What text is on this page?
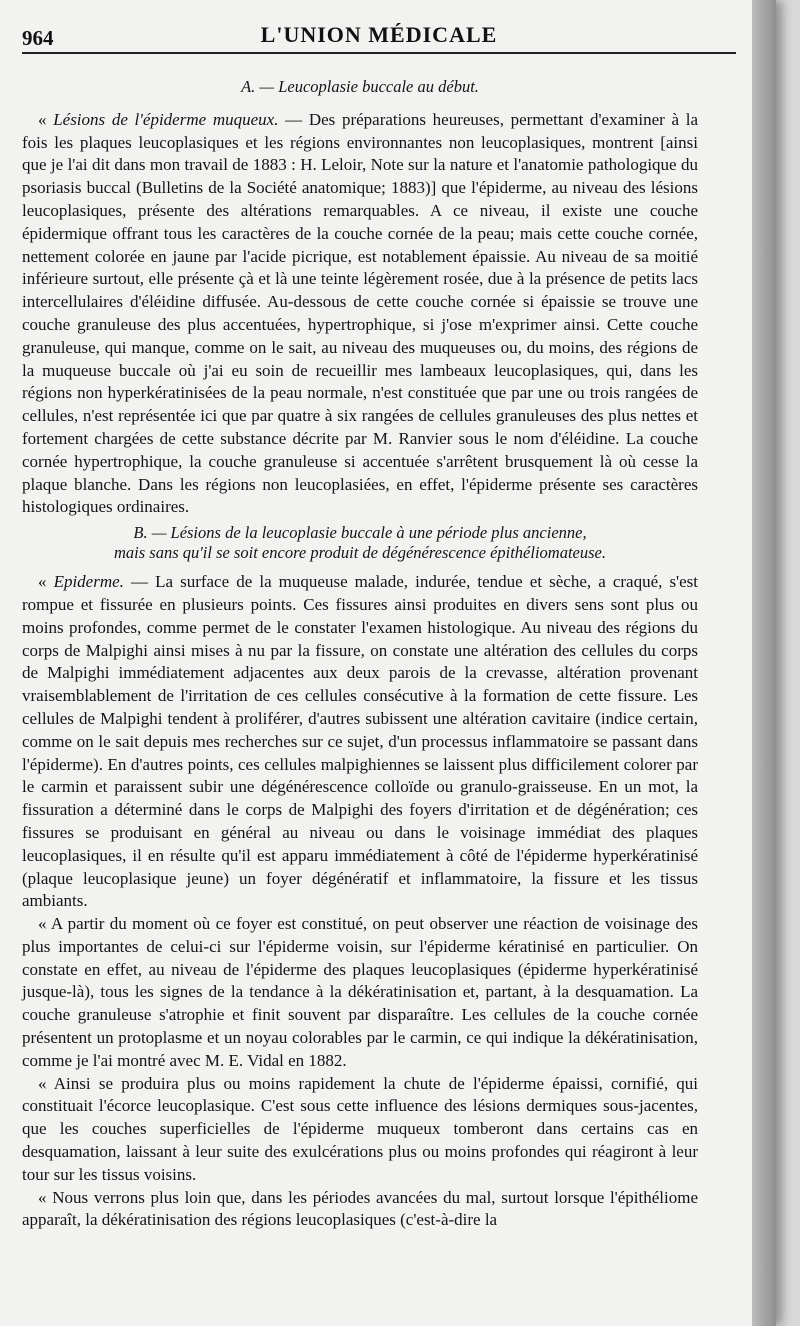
964	L'UNION MÉDICALE
A. — Leucoplasie buccale au début.

« Lésions de l'épiderme muqueux. — Des préparations heureuses, permettant d'examiner à la fois les plaques leucoplasiques et les régions environnantes non leucoplasiques, montrent [ainsi que je l'ai dit dans mon travail de 1883 : H. Leloir, Note sur la nature et l'anatomie pathologique du psoriasis buccal (Bulletins de la Société anatomique; 1883)] que l'épiderme, au niveau des lésions leucoplasiques, présente des altérations remarquables. A ce niveau, il existe une couche épidermique offrant tous les caractères de la couche cornée de la peau; mais cette couche cornée, nettement colorée en jaune par l'acide picrique, est notablement épaissie. Au niveau de sa moitié inférieure surtout, elle présente çà et là une teinte légèrement rosée, due à la présence de petits lacs intercellulaires d'éléidine diffusée. Au-dessous de cette couche cornée si épaissie se trouve une couche granuleuse des plus accentuées, hypertrophique, si j'ose m'exprimer ainsi. Cette couche granuleuse, qui manque, comme on le sait, au niveau des muqueuses ou, du moins, des régions de la muqueuse buccale où j'ai eu soin de recueillir mes lambeaux leucoplasiques, qui, dans les régions non hyperkératinisées de la peau normale, n'est constituée que par une ou trois rangées de cellules, n'est représentée ici que par quatre à six rangées de cellules granuleuses des plus nettes et fortement chargées de cette substance décrite par M. Ranvier sous le nom d'éléidine. La couche cornée hypertrophique, la couche granuleuse si accentuée s'arrêtent brusquement là où cesse la plaque blanche. Dans les régions non leucoplasiées, en effet, l'épiderme présente ses caractères histologiques ordinaires.

B. — Lésions de la leucoplasie buccale à une période plus ancienne,
mais sans qu'il se soit encore produit de dégénérescence épithéliomateuse.

« Epiderme. — La surface de la muqueuse malade, indurée, tendue et sèche, a craqué, s'est rompue et fissurée en plusieurs points. Ces fissures ainsi produites en divers sens sont plus ou moins profondes, comme permet de le constater l'examen histologique. Au niveau des régions du corps de Malpighi ainsi mises à nu par la fissure, on constate une altération des cellules du corps de Malpighi immédiatement adjacentes aux deux parois de la crevasse, altération provenant vraisemblablement de l'irritation de ces cellules consécutive à la formation de cette fissure. Les cellules de Malpighi tendent à proliférer, d'autres subissent une altération cavitaire (indice certain, comme on le sait depuis mes recherches sur ce sujet, d'un processus inflammatoire se passant dans l'épiderme). En d'autres points, ces cellules malpighiennes se laissent plus difficilement colorer par le carmin et paraissent subir une dégénérescence colloïde ou granulo-graisseuse. En un mot, la fissuration a déterminé dans le corps de Malpighi des foyers d'irritation et de dégénération; ces fissures se produisant en général au niveau ou dans le voisinage immédiat des plaques leucoplasiques, il en résulte qu'il est apparu immédiatement à côté de l'épiderme hyperkératinisé (plaque leucoplasique jeune) un foyer dégénératif et inflammatoire, la fissure et les tissus ambiants.

« A partir du moment où ce foyer est constitué, on peut observer une réaction de voisinage des plus importantes de celui-ci sur l'épiderme voisin, sur l'épiderme kératinisé en particulier. On constate en effet, au niveau de l'épiderme des plaques leucoplasiques (épiderme hyperkératinisé jusque-là), tous les signes de la tendance à la dékératinisation et, partant, à la desquamation. La couche granuleuse s'atrophie et finit souvent par disparaître. Les cellules de la couche cornée présentent un protoplasme et un noyau colorables par le carmin, ce qui indique la dékératinisation, comme je l'ai montré avec M. E. Vidal en 1882.

« Ainsi se produira plus ou moins rapidement la chute de l'épiderme épaissi, cornifié, qui constituait l'écorce leucoplasique. C'est sous cette influence des lésions dermiques sous-jacentes, que les couches superficielles de l'épiderme muqueux tomberont dans certains cas en desquamation, laissant à leur suite des exulcérations plus ou moins profondes qui réagiront à leur tour sur les tissus voisins.

« Nous verrons plus loin que, dans les périodes avancées du mal, surtout lorsque l'épithéliome apparaît, la dékératinisation des régions leucoplasiques (c'est-à-dire la
